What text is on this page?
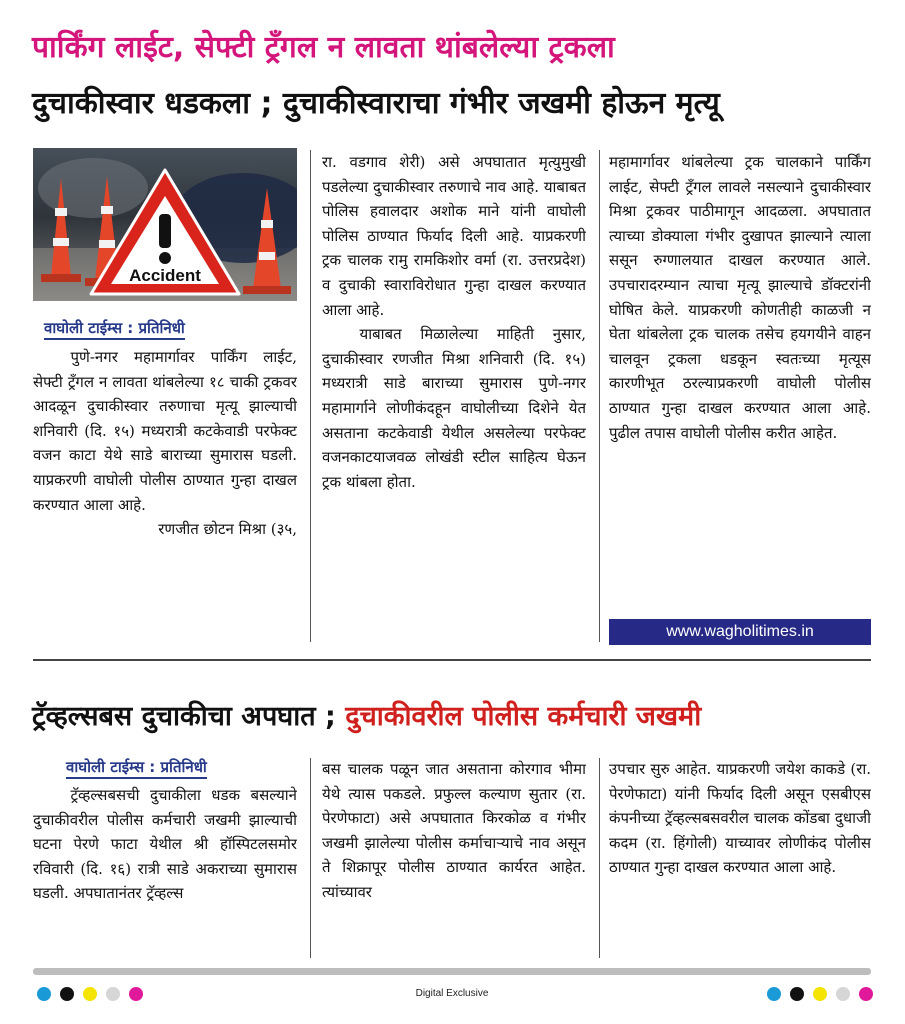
पार्किंग लाईट, सेफ्टी ट्रँगल न लावता थांबलेल्या ट्रकला
दुचाकीस्वार धडकला ; दुचाकीस्वाराचा गंभीर जखमी होऊन मृत्यू
Accident
वाघोली टाईम्स : प्रतिनिधी

पुणे-नगर महामार्गावर पार्किंग लाईट, सेफ्टी ट्रँगल न लावता थांबलेल्या १८ चाकी ट्रकवर आदळून दुचाकीस्वार तरुणाचा मृत्यू झाल्याची शनिवारी (दि. १५) मध्यरात्री कटकेवाडी परफेक्ट वजन काटा येथे साडे बाराच्या सुमारास घडली. याप्रकरणी वाघोली पोलीस ठाण्यात गुन्हा दाखल करण्यात आला आहे.

रणजीत छोटन मिश्रा (३५,

रा. वडगाव शेरी) असे अपघातात मृत्युमुखी पडलेल्या दुचाकीस्वार तरुणाचे नाव आहे. याबाबत पोलिस हवालदार अशोक माने यांनी वाघोली पोलिस ठाण्यात फिर्याद दिली आहे. याप्रकरणी ट्रक चालक रामु रामकिशोर वर्मा (रा. उत्तरप्रदेश) व दुचाकी स्वाराविरोधात गुन्हा दाखल करण्यात आला आहे.

याबाबत मिळालेल्या माहिती नुसार, दुचाकीस्वार रणजीत मिश्रा शनिवारी (दि. १५) मध्यरात्री साडे बाराच्या सुमारास पुणे-नगर महामार्गाने लोणीकंदहून वाघोलीच्या दिशेने येत असताना कटकेवाडी येथील असलेल्या परफेक्ट वजनकाटयाजवळ लोखंडी स्टील साहित्य घेऊन ट्रक थांबला होता.

महामार्गावर थांबलेल्या ट्रक चालकाने पार्किंग लाईट, सेफ्टी ट्रँगल लावले नसल्याने दुचाकीस्वार मिश्रा ट्रकवर पाठीमागून आदळला. अपघातात त्याच्या डोक्याला गंभीर दुखापत झाल्याने त्याला ससून रुग्णालयात दाखल करण्यात आले. उपचारादरम्यान त्याचा मृत्यू झाल्याचे डॉक्टरांनी घोषित केले. याप्रकरणी कोणतीही काळजी न घेता थांबलेला ट्रक चालक तसेच हयगयीने वाहन चालवून ट्रकला धडकून स्वतःच्या मृत्यूस कारणीभूत ठरल्याप्रकरणी वाघोली पोलीस ठाण्यात गुन्हा दाखल करण्यात आला आहे. पुढील तपास वाघोली पोलीस करीत आहेत.

www.wagholitimes.in
ट्रॅव्हल्सबस दुचाकीचा अपघात ; दुचाकीवरील पोलीस कर्मचारी जखमी
वाघोली टाईम्स : प्रतिनिधी

ट्रॅव्हल्सबसची दुचाकीला धडक बसल्याने दुचाकीवरील पोलीस कर्मचारी जखमी झाल्याची घटना पेरणे फाटा येथील श्री हॉस्पिटलसमोर रविवारी (दि. १६) रात्री साडे अकराच्या सुमारास घडली. अपघातानंतर ट्रॅव्हल्स

बस चालक पळून जात असताना कोरगाव भीमा येथे त्यास पकडले. प्रफुल्ल कल्याण सुतार (रा. पेरणेफाटा) असे अपघातात किरकोळ व गंभीर जखमी झालेल्या पोलीस कर्माचाऱ्याचे नाव असून ते शिक्रापूर पोलीस ठाण्यात कार्यरत आहेत. त्यांच्यावर

उपचार सुरु आहेत. याप्रकरणी जयेश काकडे (रा. पेरणेफाटा) यांनी फिर्याद दिली असून एसबीएस कंपनीच्या ट्रॅव्हल्सबसवरील चालक कोंडबा दुधाजी कदम (रा. हिंगोली) याच्यावर लोणीकंद पोलीस ठाण्यात गुन्हा दाखल करण्यात आला आहे.

Digital Exclusive
